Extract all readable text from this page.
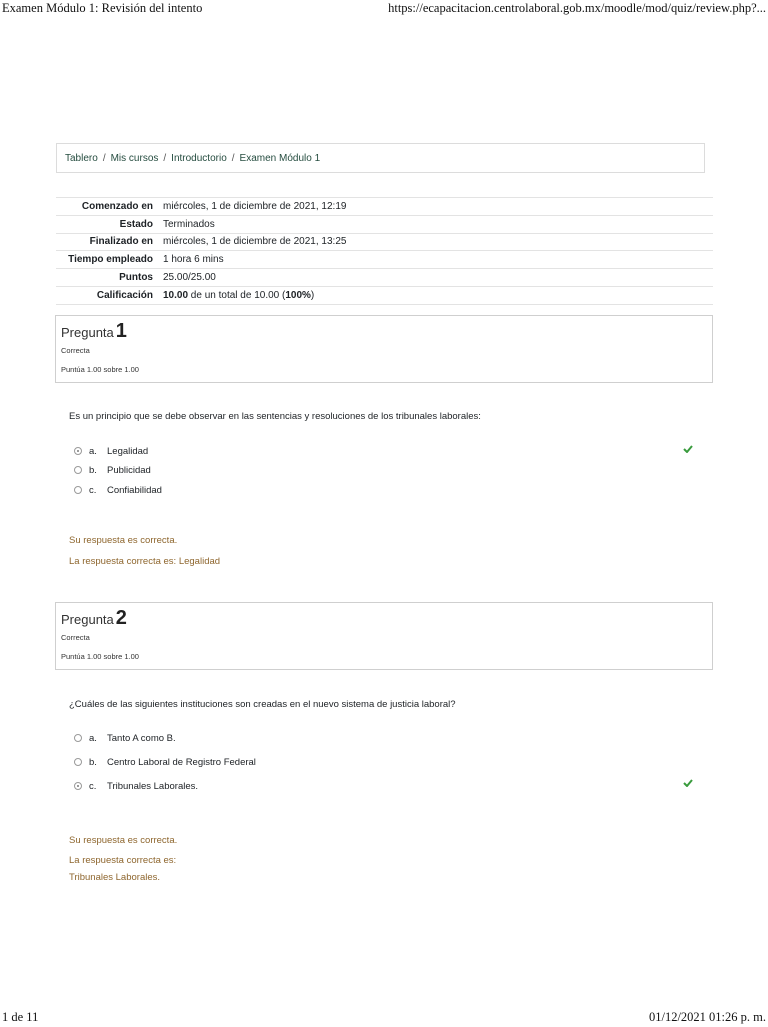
Examen Módulo 1: Revisión del intento	https://ecapacitacion.centrolaboral.gob.mx/moodle/mod/quiz/review.php?...
1 de 11	01/12/2021 01:26 p. m.
Tablero / Mis cursos / Introductorio / Examen Módulo 1
Comenzado en	miércoles, 1 de diciembre de 2021, 12:19
Estado	Terminados
Finalizado en	miércoles, 1 de diciembre de 2021, 13:25
Tiempo empleado	1 hora 6 mins
Puntos	25.00/25.00
Calificación	10.00 de un total de 10.00 (100%)
Pregunta 1
Correcta
Puntúa 1.00 sobre 1.00
Es un principio que se debe observar en las sentencias y resoluciones de los tribunales laborales:
a.	Legalidad
b.	Publicidad
c.	Confiabilidad
Su respuesta es correcta.
La respuesta correcta es: Legalidad
Pregunta 2
Correcta
Puntúa 1.00 sobre 1.00
¿Cuáles de las siguientes instituciones son creadas en el nuevo sistema de justicia laboral?
a.	Tanto A como B.
b.	Centro Laboral de Registro Federal
c.	Tribunales Laborales.
Su respuesta es correcta.
La respuesta correcta es:
Tribunales Laborales.
